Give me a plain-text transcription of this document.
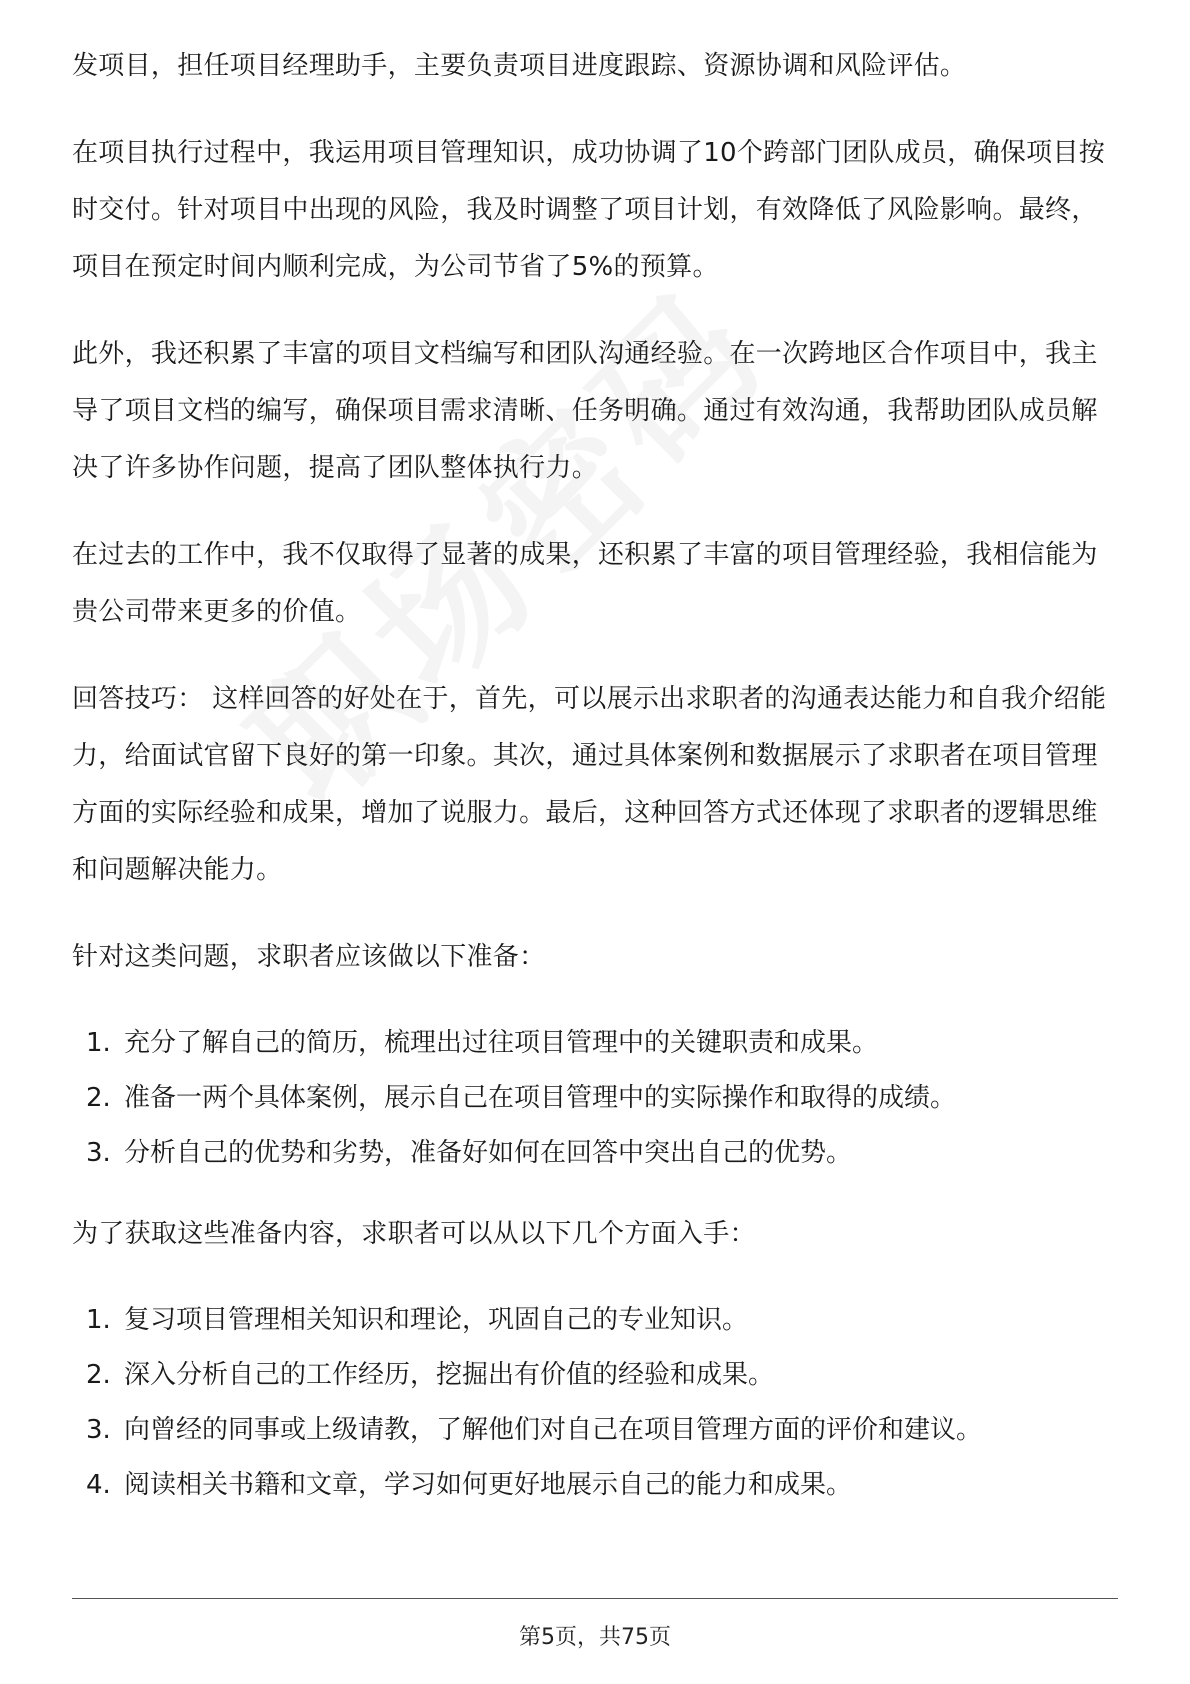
发项目，担任项目经理助手，主要负责项目进度跟踪、资源协调和风险评估。

在项目执行过程中，我运用项目管理知识，成功协调了10个跨部门团队成员，确保项目按时交付。针对项目中出现的风险，我及时调整了项目计划，有效降低了风险影响。最终，项目在预定时间内顺利完成，为公司节省了5%的预算。

此外，我还积累了丰富的项目文档编写和团队沟通经验。在一次跨地区合作项目中，我主导了项目文档的编写，确保项目需求清晰、任务明确。通过有效沟通，我帮助团队成员解决了许多协作问题，提高了团队整体执行力。

在过去的工作中，我不仅取得了显著的成果，还积累了丰富的项目管理经验，我相信能为贵公司带来更多的价值。

回答技巧： 这样回答的好处在于，首先，可以展示出求职者的沟通表达能力和自我介绍能力，给面试官留下良好的第一印象。其次，通过具体案例和数据展示了求职者在项目管理方面的实际经验和成果，增加了说服力。最后，这种回答方式还体现了求职者的逻辑思维和问题解决能力。

针对这类问题，求职者应该做以下准备：

1. 充分了解自己的简历，梳理出过往项目管理中的关键职责和成果。
2. 准备一两个具体案例，展示自己在项目管理中的实际操作和取得的成绩。
3. 分析自己的优势和劣势，准备好如何在回答中突出自己的优势。

为了获取这些准备内容，求职者可以从以下几个方面入手：

1. 复习项目管理相关知识和理论，巩固自己的专业知识。
2. 深入分析自己的工作经历，挖掘出有价值的经验和成果。
3. 向曾经的同事或上级请教，了解他们对自己在项目管理方面的评价和建议。
4. 阅读相关书籍和文章，学习如何更好地展示自己的能力和成果。
第5页，共75页
